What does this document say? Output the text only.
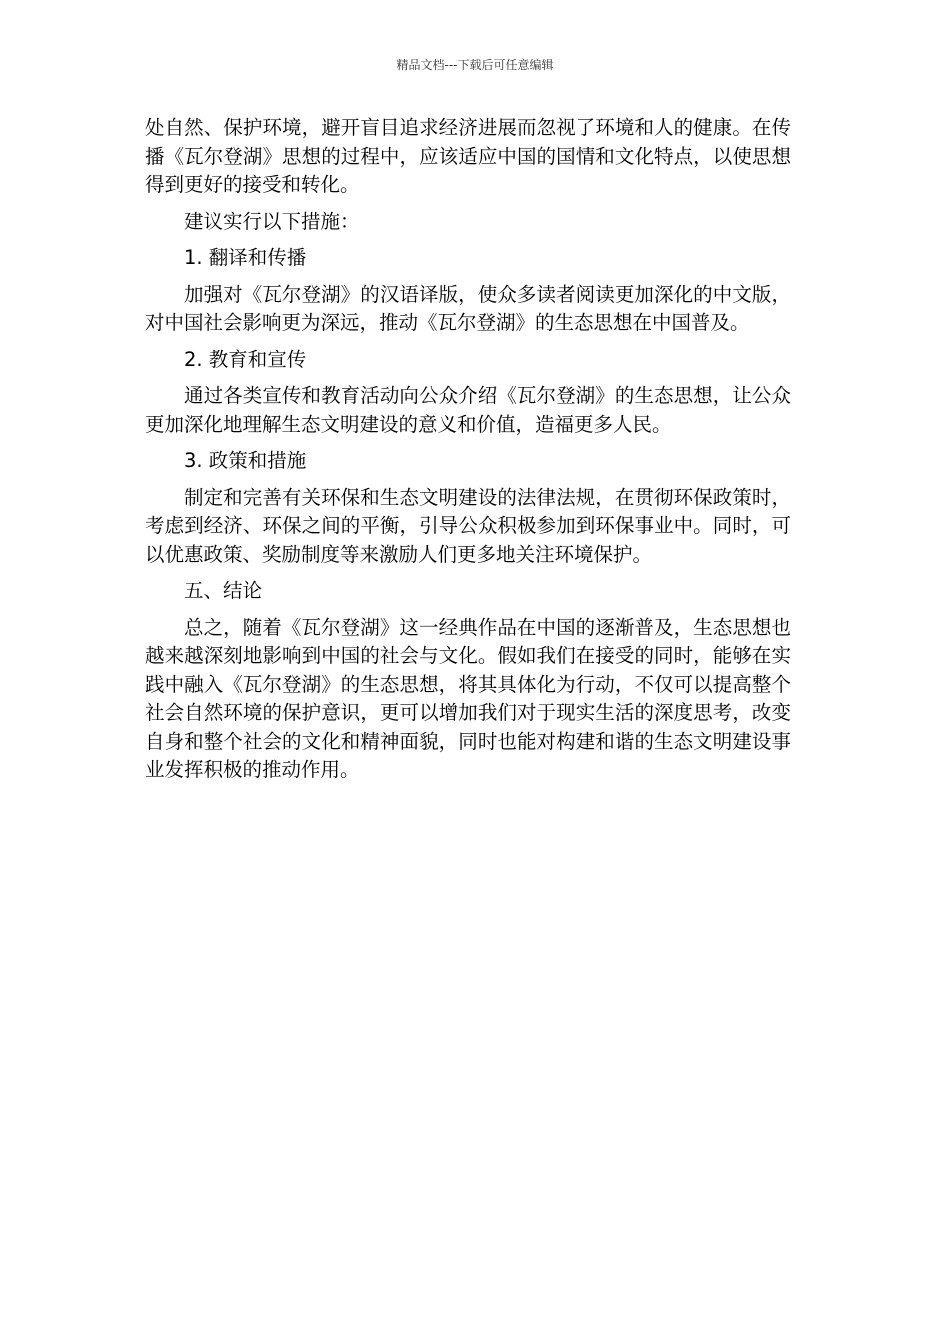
精品文档---下载后可任意编辑

处自然、保护环境，避开盲目追求经济进展而忽视了环境和人的健康。在传播《瓦尔登湖》思想的过程中，应该适应中国的国情和文化特点，以使思想得到更好的接受和转化。

建议实行以下措施：

1. 翻译和传播

加强对《瓦尔登湖》的汉语译版，使众多读者阅读更加深化的中文版，对中国社会影响更为深远，推动《瓦尔登湖》的生态思想在中国普及。

2. 教育和宣传

通过各类宣传和教育活动向公众介绍《瓦尔登湖》的生态思想，让公众更加深化地理解生态文明建设的意义和价值，造福更多人民。

3. 政策和措施

制定和完善有关环保和生态文明建设的法律法规，在贯彻环保政策时，考虑到经济、环保之间的平衡，引导公众积极参加到环保事业中。同时，可以优惠政策、奖励制度等来激励人们更多地关注环境保护。

五、结论

总之，随着《瓦尔登湖》这一经典作品在中国的逐渐普及，生态思想也越来越深刻地影响到中国的社会与文化。假如我们在接受的同时，能够在实践中融入《瓦尔登湖》的生态思想，将其具体化为行动，不仅可以提高整个社会自然环境的保护意识，更可以增加我们对于现实生活的深度思考，改变自身和整个社会的文化和精神面貌，同时也能对构建和谐的生态文明建设事业发挥积极的推动作用。
